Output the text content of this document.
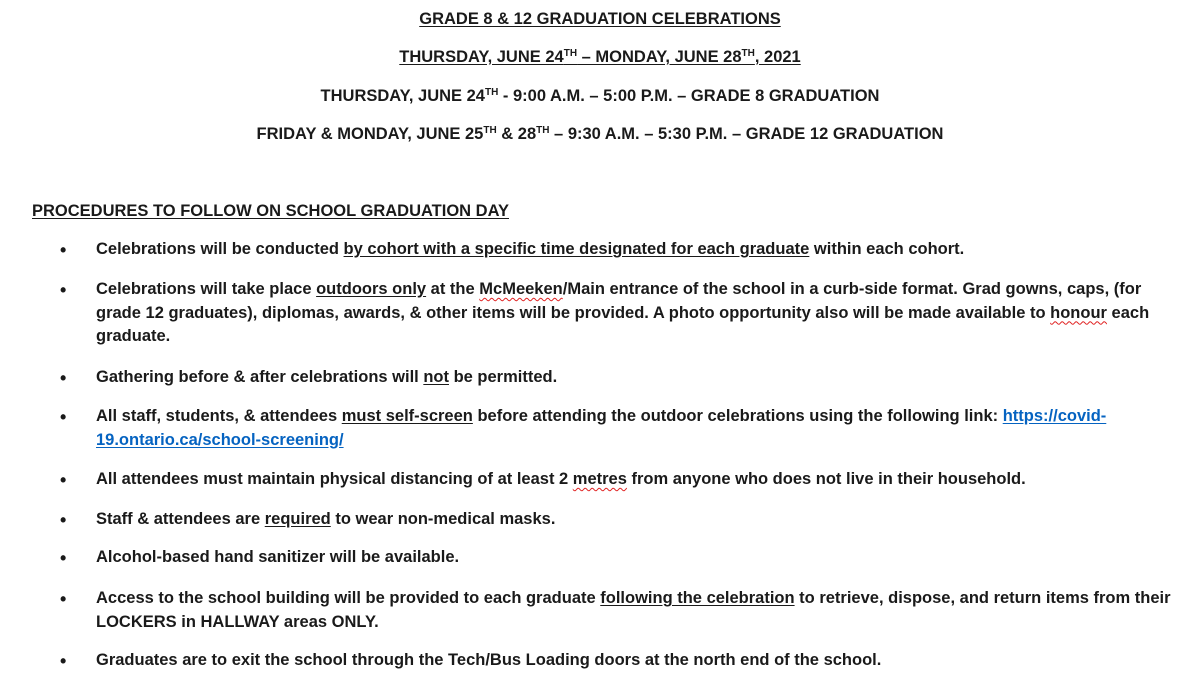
GRADE 8 & 12 GRADUATION CELEBRATIONS
THURSDAY, JUNE 24TH – MONDAY, JUNE 28TH, 2021
THURSDAY, JUNE 24TH - 9:00 A.M. – 5:00 P.M. – GRADE 8 GRADUATION
FRIDAY & MONDAY, JUNE 25TH & 28TH – 9:30 A.M. – 5:30 P.M. – GRADE 12 GRADUATION
PROCEDURES TO FOLLOW ON SCHOOL GRADUATION DAY
•
•
•
•
•
•
•
•
•
Celebrations will be conducted by cohort with a specific time designated for each graduate within each cohort.
Celebrations will take place outdoors only at the McMeeken/Main entrance of the school in a curb-side format. Grad gowns, caps, (for grade 12 graduates), diplomas, awards, & other items will be provided. A photo opportunity also will be made available to honour each graduate.
Gathering before & after celebrations will not be permitted.
All staff, students, & attendees must self-screen before attending the outdoor celebrations using the following link: https://covid-19.ontario.ca/school-screening/
All attendees must maintain physical distancing of at least 2 metres from anyone who does not live in their household.
Staff & attendees are required to wear non-medical masks.
Alcohol-based hand sanitizer will be available.
Access to the school building will be provided to each graduate following the celebration to retrieve, dispose, and return items from their LOCKERS in HALLWAY areas ONLY.
Graduates are to exit the school through the Tech/Bus Loading doors at the north end of the school.
